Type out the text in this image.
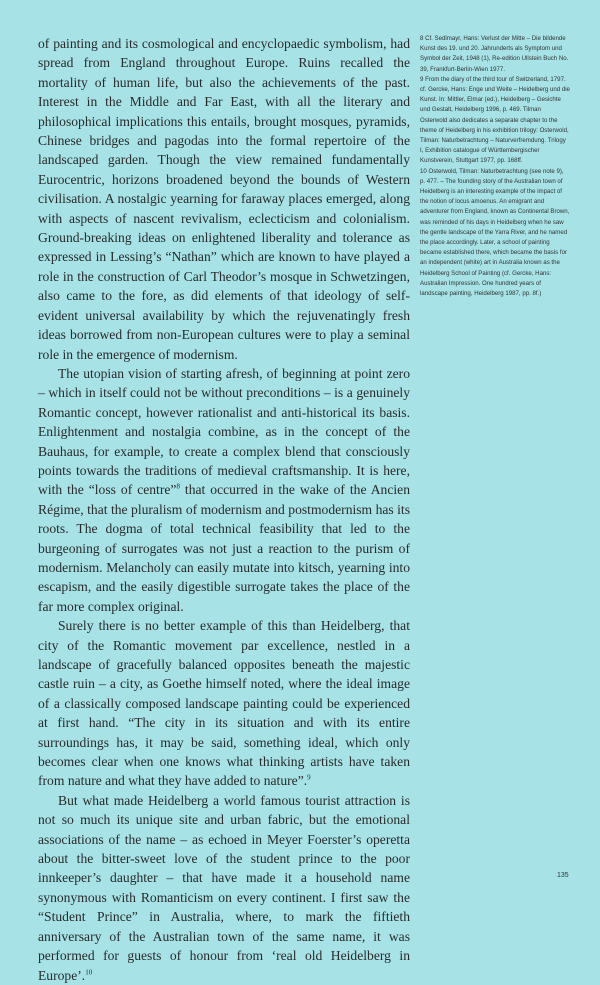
of painting and its cosmological and encyclopaedic symbolism, had spread from England throughout Europe. Ruins recalled the mortality of human life, but also the achievements of the past. Interest in the Middle and Far East, with all the literary and philosophical implications this entails, brought mosques, pyramids, Chinese bridges and pagodas into the formal repertoire of the landscaped garden. Though the view remained fundamentally Eurocentric, horizons broadened beyond the bounds of Western civilisation. A nostalgic yearning for faraway places emerged, along with aspects of nascent revivalism, eclecticism and colonialism. Ground-breaking ideas on enlightened liberality and tolerance as expressed in Lessing’s “Nathan” which are known to have played a role in the construction of Carl Theodor’s mosque in Schwetzingen, also came to the fore, as did elements of that ideology of self-evident universal availability by which the rejuvenatingly fresh ideas borrowed from non-European cultures were to play a seminal role in the emergence of modernism.

The utopian vision of starting afresh, of beginning at point zero – which in itself could not be without preconditions – is a genuinely Romantic concept, however rationalist and anti-historical its basis. Enlightenment and nostalgia combine, as in the concept of the Bauhaus, for example, to create a complex blend that consciously points towards the traditions of medieval craftsmanship. It is here, with the “loss of centre”$^8$ that occurred in the wake of the Ancien Régime, that the pluralism of modernism and postmodernism has its roots. The dogma of total technical feasibility that led to the burgeoning of surrogates was not just a reaction to the purism of modernism. Melancholy can easily mutate into kitsch, yearning into escapism, and the easily digestible surrogate takes the place of the far more complex original.

Surely there is no better example of this than Heidelberg, that city of the Romantic movement par excellence, nestled in a landscape of gracefully balanced opposites beneath the majestic castle ruin – a city, as Goethe himself noted, where the ideal image of a classically composed landscape painting could be experienced at first hand. “The city in its situation and with its entire surroundings has, it may be said, something ideal, which only becomes clear when one knows what thinking artists have taken from nature and what they have added to nature”.$^9$

But what made Heidelberg a world famous tourist attraction is not so much its unique site and urban fabric, but the emotional associations of the name – as echoed in Meyer Foerster’s operetta about the bitter-sweet love of the student prince to the poor innkeeper’s daughter – that have made it a household name synonymous with Romanticism on every continent. I first saw the “Student Prince” in Australia, where, to mark the fiftieth anniversary of the Australian town of the same name, it was performed for guests of honour from ‘real old Heidelberg in Europe’.$^{10}$

8 Cf. Sedlmayr, Hans: Verlust der Mitte – Die bildende Kunst des 19. und 20. Jahrunderts als Symptom und Symbol der Zeit, 1948 (1), Re-edition Ullstein Buch No. 39, Frankfurt-Berlin-Wien 1977.

9 From the diary of the third tour of Switzerland, 1797. cf. Gercke, Hans: Enge und Weite – Heidelberg und die Kunst. In: Mittler, Elmar (ed.), Heidelberg – Gesichte und Gestalt, Heidelberg 1996, p. 469. Tilman Osterwold also dedicates a separate chapter to the theme of Heidelberg in his exhibition trilogy: Osterwold, Tilman: Naturbetrachtung – Naturverfremdung. Trilogy I, Exhibition catalogue of Württembergischer Kunstverein, Stuttgart 1977, pp. 168ff.

10 Osterwold, Tilman: Naturbetrachtung (see note 9), p. 477. – The founding story of the Australian town of Heidelberg is an interesting example of the impact of the notion of locus amoenus. An emigrant and adventurer from England, known as Continental Brown, was reminded of his days in Heidelberg when he saw the gentle landscape of the Yarra River, and he named the place accordingly. Later, a school of painting became established there, which became the basis for an independent (white) art in Australia known as the Heidelberg School of Painting (cf. Gercke, Hans: Australian Impression. One hundred years of landscape painting, Heidelberg 1987, pp. 8f.)

135
